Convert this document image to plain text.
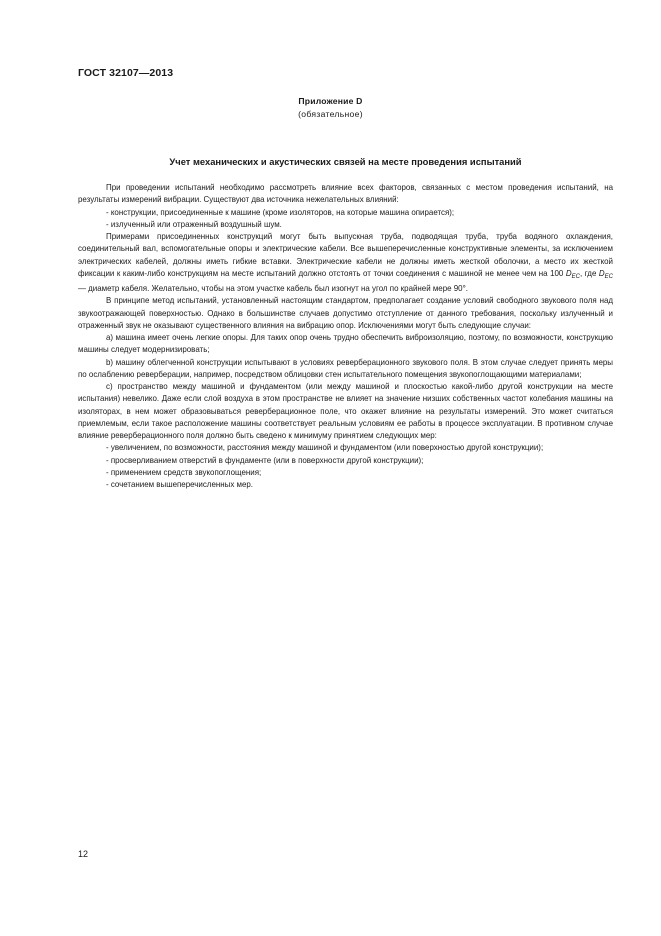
ГОСТ 32107—2013
Приложение D
(обязательное)
Учет механических и акустических связей на месте проведения испытаний

При проведении испытаний необходимо рассмотреть влияние всех факторов, связанных с местом проведения испытаний, на результаты измерений вибрации. Существуют два источника нежелательных влияний:

- конструкции, присоединенные к машине (кроме изоляторов, на которые машина опирается);

- излученный или отраженный воздушный шум.

Примерами присоединенных конструкций могут быть выпускная труба, подводящая труба, труба водяного охлаждения, соединительный вал, вспомогательные опоры и электрические кабели. Все вышеперечисленные конструктивные элементы, за исключением электрических кабелей, должны иметь гибкие вставки. Электрические кабели не должны иметь жесткой оболочки, а место их жесткой фиксации к каким-либо конструкциям на месте испытаний должно отстоять от точки соединения с машиной не менее чем на 100 $D_{EC}$, где $D_{EC}$ — диаметр кабеля. Желательно, чтобы на этом участке кабель был изогнут на угол по крайней мере 90°.

В принципе метод испытаний, установленный настоящим стандартом, предполагает создание условий свободного звукового поля над звукоотражающей поверхностью. Однако в большинстве случаев допустимо отступление от данного требования, поскольку излученный и отраженный звук не оказывают существенного влияния на вибрацию опор. Исключениями могут быть следующие случаи:

а) машина имеет очень легкие опоры. Для таких опор очень трудно обеспечить виброизоляцию, поэтому, по возможности, конструкцию машины следует модернизировать;

b) машину облегченной конструкции испытывают в условиях реверберационного звукового поля. В этом случае следует принять меры по ослаблению реверберации, например, посредством облицовки стен испытательного помещения звукопоглощающими материалами;

с) пространство между машиной и фундаментом (или между машиной и плоскостью какой-либо другой конструкции на месте испытания) невелико. Даже если слой воздуха в этом пространстве не влияет на значение низших собственных частот колебания машины на изоляторах, в нем может образовываться реверберационное поле, что окажет влияние на результаты измерений. Это может считаться приемлемым, если такое расположение машины соответствует реальным условиям ее работы в процессе эксплуатации. В противном случае влияние реверберационного поля должно быть сведено к минимуму принятием следующих мер:

- увеличением, по возможности, расстояния между машиной и фундаментом (или поверхностью другой конструкции);

- просверливанием отверстий в фундаменте (или в поверхности другой конструкции);

- применением средств звукопоглощения;

- сочетанием вышеперечисленных мер.

12
